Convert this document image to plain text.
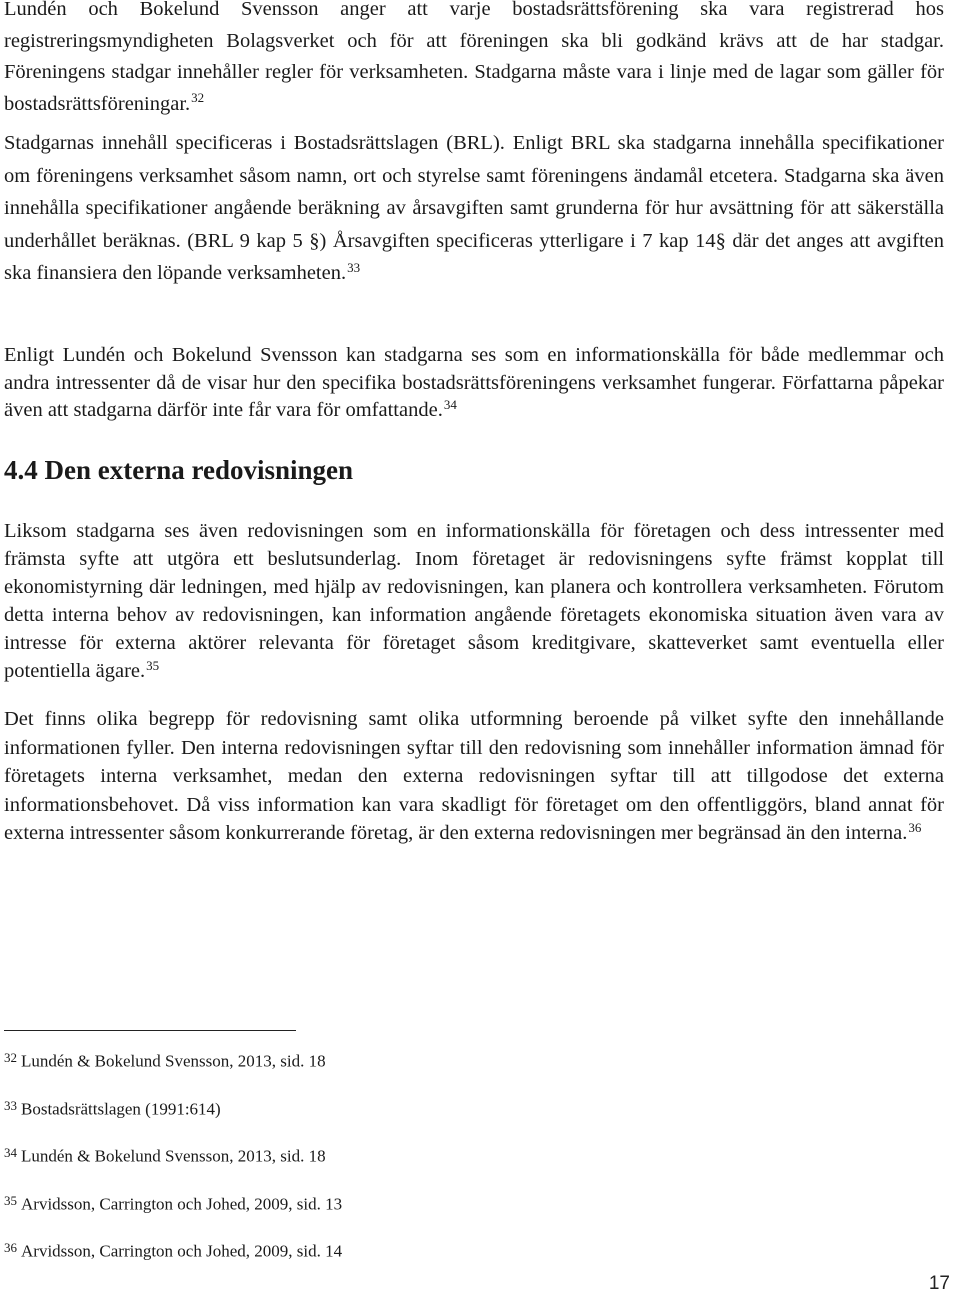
Lundén och Bokelund Svensson anger att varje bostadsrättsförening ska vara registrerad hos registreringsmyndigheten Bolagsverket och för att föreningen ska bli godkänd krävs att de har stadgar. Föreningens stadgar innehåller regler för verksamheten. Stadgarna måste vara i linje med de lagar som gäller för bostadsrättsföreningar.$^{32}$

Stadgarnas innehåll specificeras i Bostadsrättslagen (BRL). Enligt BRL ska stadgarna innehålla specifikationer om föreningens verksamhet såsom namn, ort och styrelse samt föreningens ändamål etcetera. Stadgarna ska även innehålla specifikationer angående beräkning av årsavgiften samt grunderna för hur avsättning för att säkerställa underhållet beräknas. (BRL 9 kap 5 §) Årsavgiften specificeras ytterligare i 7 kap 14§ där det anges att avgiften ska finansiera den löpande verksamheten.$^{33}$

Enligt Lundén och Bokelund Svensson kan stadgarna ses som en informationskälla för både medlemmar och andra intressenter då de visar hur den specifika bostadsrättsföreningens verksamhet fungerar. Författarna påpekar även att stadgarna därför inte får vara för omfattande.$^{34}$

4.4 Den externa redovisningen

Liksom stadgarna ses även redovisningen som en informationskälla för företagen och dess intressenter med främsta syfte att utgöra ett beslutsunderlag. Inom företaget är redovisningens syfte främst kopplat till ekonomistyrning där ledningen, med hjälp av redovisningen, kan planera och kontrollera verksamheten. Förutom detta interna behov av redovisningen, kan information angående företagets ekonomiska situation även vara av intresse för externa aktörer relevanta för företaget såsom kreditgivare, skatteverket samt eventuella eller potentiella ägare.$^{35}$

Det finns olika begrepp för redovisning samt olika utformning beroende på vilket syfte den innehållande informationen fyller. Den interna redovisningen syftar till den redovisning som innehåller information ämnad för företagets interna verksamhet, medan den externa redovisningen syftar till att tillgodose det externa informationsbehovet. Då viss information kan vara skadligt för företaget om den offentliggörs, bland annat för externa intressenter såsom konkurrerande företag, är den externa redovisningen mer begränsad än den interna.$^{36}$

$^{32}$ Lundén & Bokelund Svensson, 2013, sid. 18

$^{33}$ Bostadsrättslagen (1991:614)

$^{34}$ Lundén & Bokelund Svensson, 2013, sid. 18

$^{35}$ Arvidsson, Carrington och Johed, 2009, sid. 13

$^{36}$ Arvidsson, Carrington och Johed, 2009, sid. 14

17
